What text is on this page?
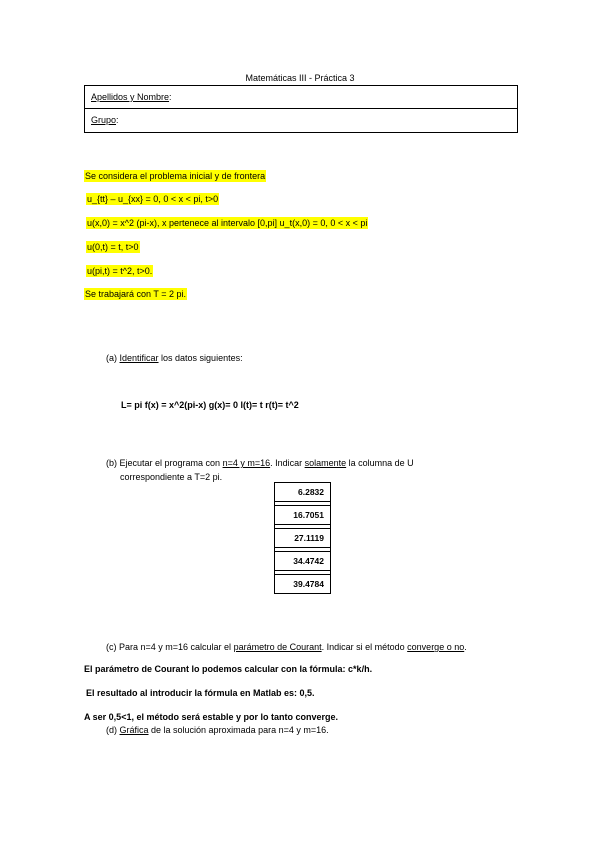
Matemáticas III - Práctica 3
Apellidos y Nombre:
Grupo:
Se considera el problema inicial y de frontera
u_{tt} – u_{xx} = 0, 0 < x < pi, t>0
u(x,0) = x^2 (pi-x), x pertenece al intervalo [0,pi] u_t(x,0) = 0, 0 < x < pi
u(0,t) = t, t>0
u(pi,t) = t^2, t>0.
Se trabajará con T = 2 pi.
(a) Identificar los datos siguientes:
L= pi f(x) = x^2(pi-x) g(x)= 0 l(t)= t r(t)= t^2
(b) Ejecutar el programa con n=4 y m=16. Indicar solamente la columna de U
correspondiente a T=2 pi.
6.2832

16.7051

27.1119

34.4742

39.4784
(c) Para n=4 y m=16 calcular el parámetro de Courant. Indicar si el método converge o no.
El parámetro de Courant lo podemos calcular con la fórmula: c*k/h.
El resultado al introducir la fórmula en Matlab es: 0,5.
A ser 0,5<1, el método será estable y por lo tanto converge.
(d) Gráfica de la solución aproximada para n=4 y m=16.
